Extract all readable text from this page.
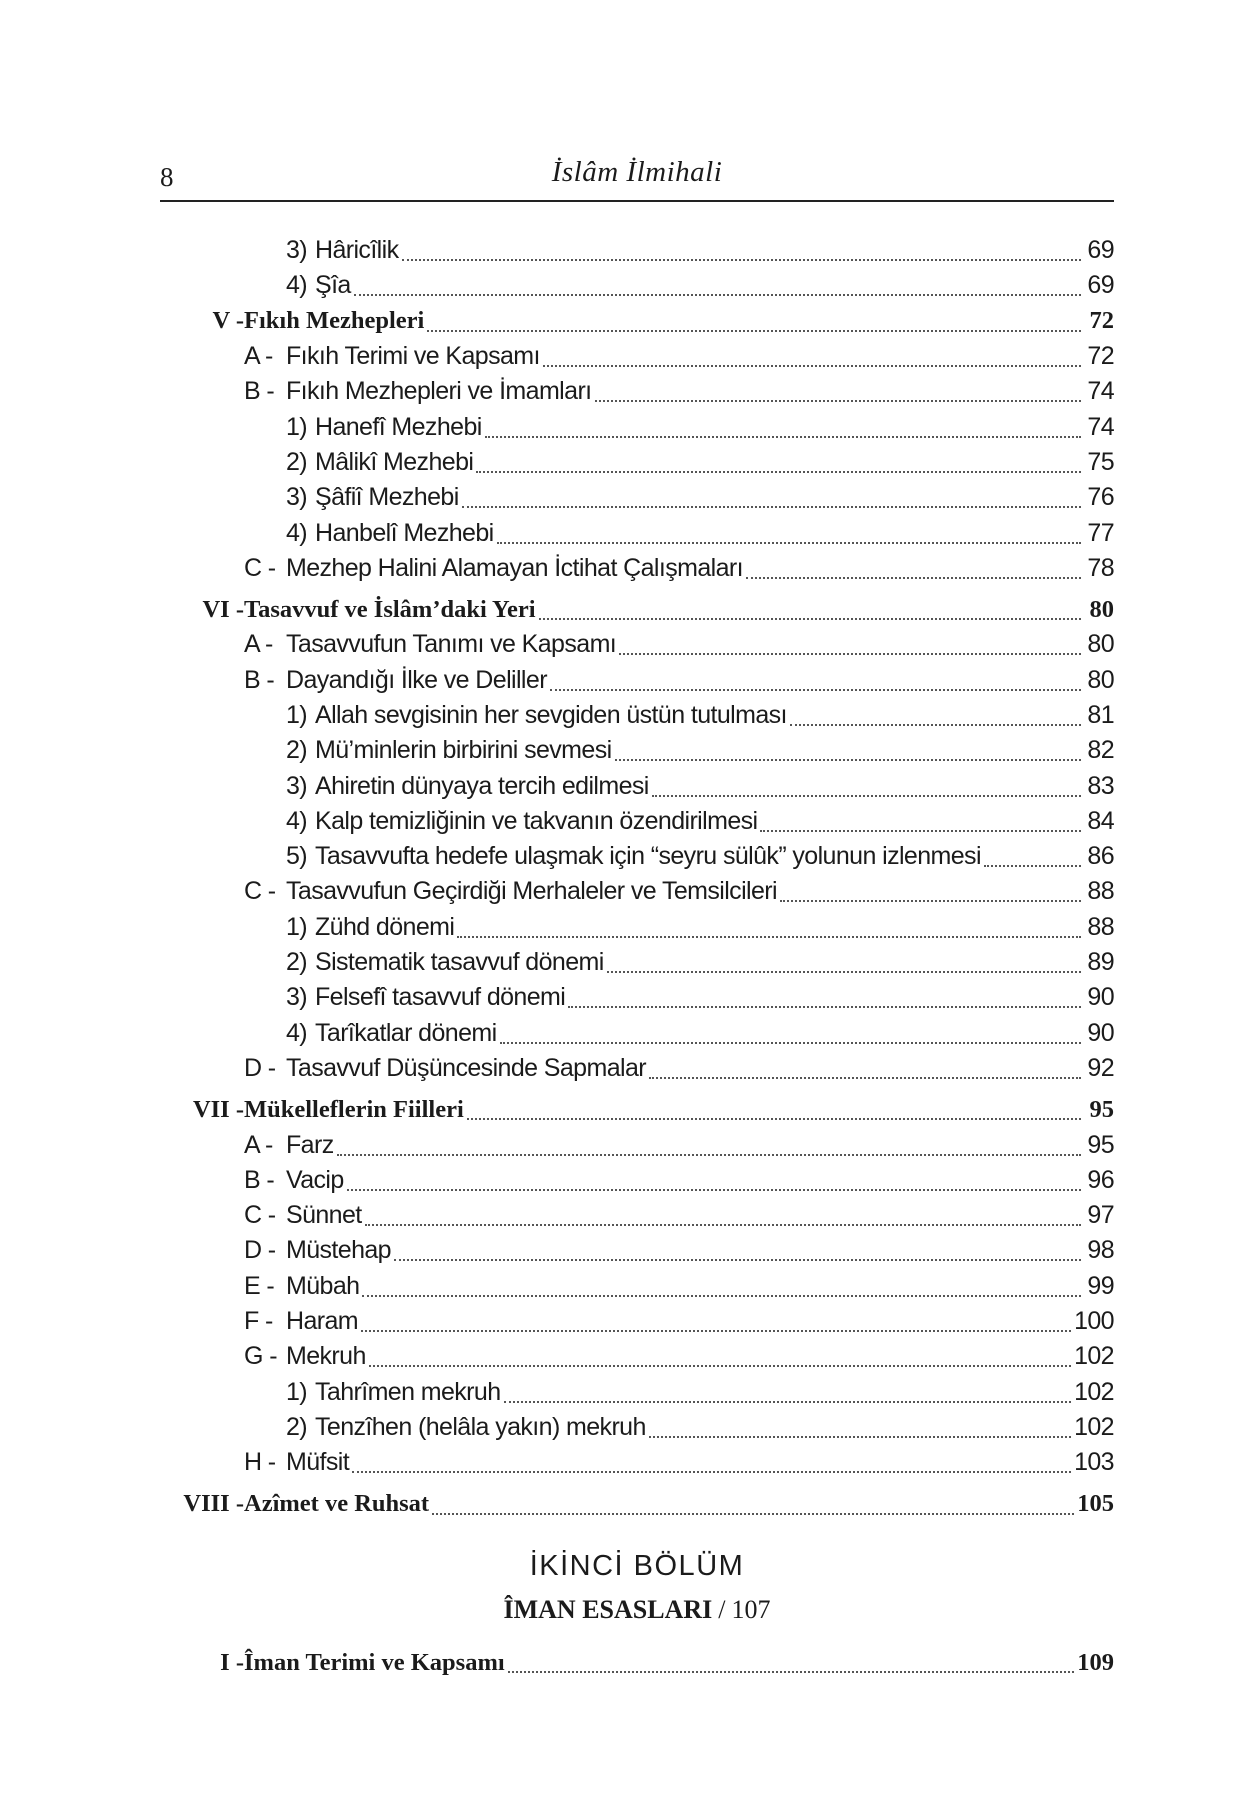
8	İslâm İlmihali
3) Hâricîlik	69
4) Şîa	69
V - Fıkıh Mezhepleri	72
A - Fıkıh Terimi ve Kapsamı	72
B - Fıkıh Mezhepleri ve İmamları	74
1) Hanefî Mezhebi	74
2) Mâlikî Mezhebi	75
3) Şâfiî Mezhebi	76
4) Hanbelî Mezhebi	77
C - Mezhep Halini Alamayan İctihat Çalışmaları	78
VI - Tasavvuf ve İslâm’daki Yeri	80
A - Tasavvufun Tanımı ve Kapsamı	80
B - Dayandığı İlke ve Deliller	80
1) Allah sevgisinin her sevgiden üstün tutulması	81
2) Mü’minlerin birbirini sevmesi	82
3) Ahiretin dünyaya tercih edilmesi	83
4) Kalp temizliğinin ve takvanın özendirilmesi	84
5) Tasavvufta hedefe ulaşmak için “seyru sülûk” yolunun izlenmesi	86
C - Tasavvufun Geçirdiği Merhaleler ve Temsilcileri	88
1) Zühd dönemi	88
2) Sistematik tasavvuf dönemi	89
3) Felsefî tasavvuf dönemi	90
4) Tarîkatlar dönemi	90
D - Tasavvuf Düşüncesinde Sapmalar	92
VII - Mükelleflerin Fiilleri	95
A - Farz	95
B - Vacip	96
C - Sünnet	97
D - Müstehap	98
E - Mübah	99
F - Haram	100
G - Mekruh	102
1) Tahrîmen mekruh	102
2) Tenzîhen (helâla yakın) mekruh	102
H - Müfsit	103
VIII - Azîmet ve Ruhsat	105
İKİNCİ BÖLÜM
ÎMAN ESASLARI / 107
I - Îman Terimi ve Kapsamı	109
